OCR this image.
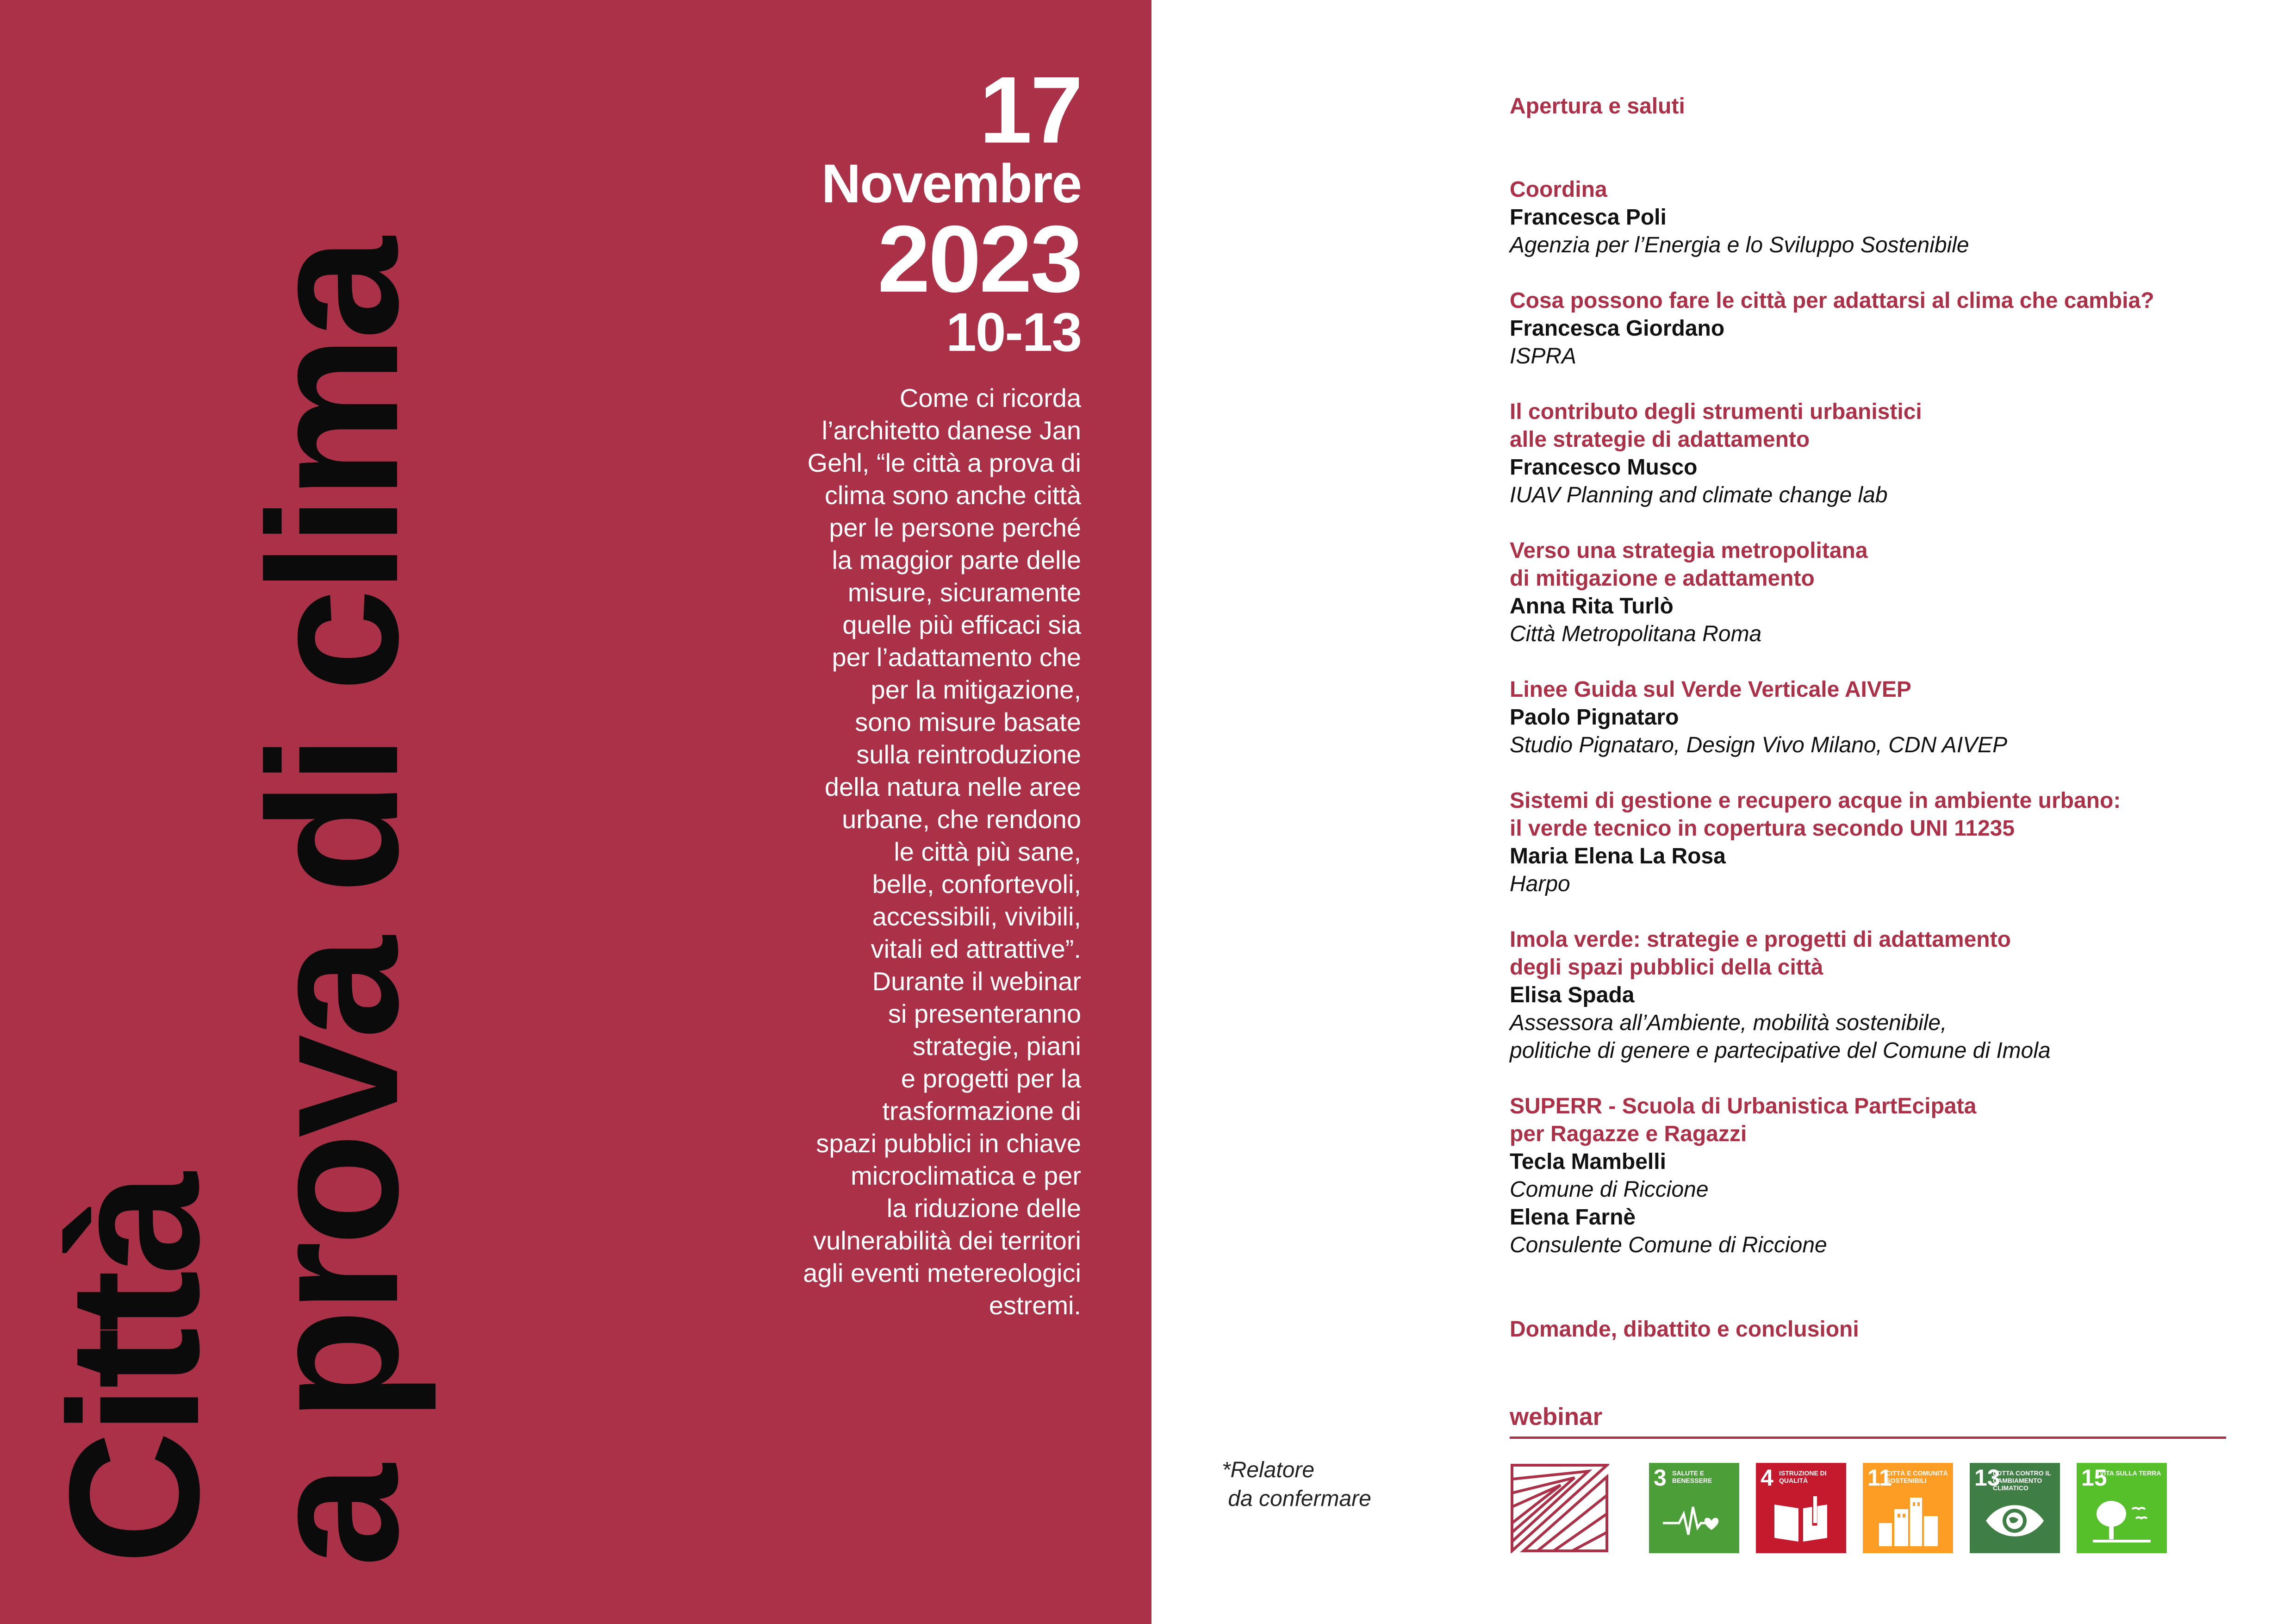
Città
a prova di clima
17
Novembre
2023
10-13
Come ci ricorda
l’architetto danese Jan
Gehl, “le città a prova di
clima sono anche città
per le persone perché
la maggior parte delle
misure, sicuramente
quelle più efficaci sia
per l’adattamento che
per la mitigazione,
sono misure basate
sulla reintroduzione
della natura nelle aree
urbane, che rendono
le città più sane,
belle, confortevoli,
accessibili, vivibili,
vitali ed attrattive”.
Durante il webinar
si presenteranno
strategie, piani
e progetti per la
trasformazione di
spazi pubblici in chiave
microclimatica e per
la riduzione delle
vulnerabilità dei territori
agli eventi metereologici
estremi.
*Relatore
da confermare
Apertura e saluti
Coordina
Francesca Poli
Agenzia per l’Energia e lo Sviluppo Sostenibile
Cosa possono fare le città per adattarsi al clima che cambia?
Francesca Giordano
ISPRA
Il contributo degli strumenti urbanistici
alle strategie di adattamento
Francesco Musco
IUAV Planning and climate change lab
Verso una strategia metropolitana
di mitigazione e adattamento
Anna Rita Turlò
Città Metropolitana Roma
Linee Guida sul Verde Verticale AIVEP
Paolo Pignataro
Studio Pignataro, Design Vivo Milano, CDN AIVEP
Sistemi di gestione e recupero acque in ambiente urbano:
il verde tecnico in copertura secondo UNI 11235
Maria Elena La Rosa
Harpo
Imola verde: strategie e progetti di adattamento
degli spazi pubblici della città
Elisa Spada
Assessora all’Ambiente, mobilità sostenibile,
politiche di genere e partecipative del Comune di Imola
SUPERR - Scuola di Urbanistica PartEcipata
per Ragazze e Ragazzi
Tecla Mambelli
Comune di Riccione
Elena Farnè
Consulente Comune di Riccione
Domande, dibattito e conclusioni
webinar
3 SALUTE E BENESSERE	4 ISTRUZIONE DI QUALITÀ	11
CITTÀ E COMUNITÀ SOSTENIBILI	13
LOTTA CONTRO IL CAMBIAMENTO CLIMATICO	15
VITA SULLA TERRA
